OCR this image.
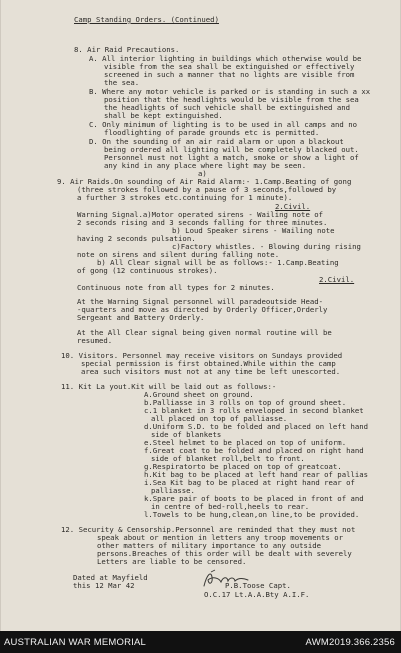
Camp Standing Orders. (Continued)
8. Air Raid Precautions.
A. All interior lighting in buildings which otherwise would be
visible from the sea shall be extinguished or effectively
screened in such a manner that no lights are visible from
the sea.
B. Where any motor vehicle is parked or is standing in such a xx
position that the headlights would be visible from the sea
the headlights of such vehicle shall be extinguished and
shall be kept extinguished.
C. Only minimum of lighting is to be used in all camps and no
floodlighting of parade grounds etc is permitted.
D. On the sounding of an air raid alarm or upon a blackout
being ordered all lighting will be completely blacked out.
Personnel must not light a match, smoke or show a light of
any kind in any place where light may be seen.
a)
9. Air Raids.On sounding of Air Raid Alarm:- 1.Camp.Beating of gong
(three strokes followed by a pause of 3 seconds,followed by
a further 3 strokes etc.continuing for 1 minute).
2.Civil.
Warning Signal.a)Motor operated sirens - Wailing note of
2 seconds rising and 3 seconds falling for three minutes.
b) Loud Speaker sirens - Wailing note
having 2 seconds pulsation.
c)Factory whistles. - Blowing during rising
note on sirens and silent during falling note.
b) All Clear signal will be as follows:- 1.Camp.Beating
of gong (12 continuous strokes).
2.Civil.
Continuous note from all types for 2 minutes.
At the Warning Signal personnel will paradeoutside Head-
-quarters and move as directed by Orderly Officer,Orderly
Sergeant and Battery Orderly.
At the All Clear signal being given normal routine will be
resumed.
10. Visitors. Personnel may receive visitors on Sundays provided
special permission is first obtained.While within the camp
area such visitors must not at any time be left unescorted.
11. Kit La yout.Kit will be laid out as follows:-
A.Ground sheet on ground.
b.Palliasse in 3 rolls on top of ground sheet.
c.1 blanket in 3 rolls enveloped in second blanket
all placed on top of palliasse.
d.Uniform S.D. to be folded and placed on left hand
side of blankets
e.Steel helmet to be placed on top of uniform.
f.Great coat to be folded and placed on right hand
side of blanket roll,belt to front.
g.Respiratorto be placed on top of greatcoat.
h.Kit bag to be placed at left hand rear of pallias
i.Sea Kit bag to be placed at right hand rear of
palliasse.
k.Spare pair of boots to be placed in front of and
in centre of bed-roll,heels to rear.
l.Towels to be hung,clean,on line,to be provided.
12. Security & Censorship.Personnel are reminded that they must not
speak about or mention in letters any troop movements or
other matters of military importance to any outside
persons.Breaches of this order will be dealt with severely
Letters are liable to be censored.
Dated at Mayfield
this 12 Mar 42	P.B.Toose Capt.
O.C.17 Lt.A.A.Bty A.I.F.
AUSTRALIAN WAR MEMORIAL	AWM2019.366.2356
